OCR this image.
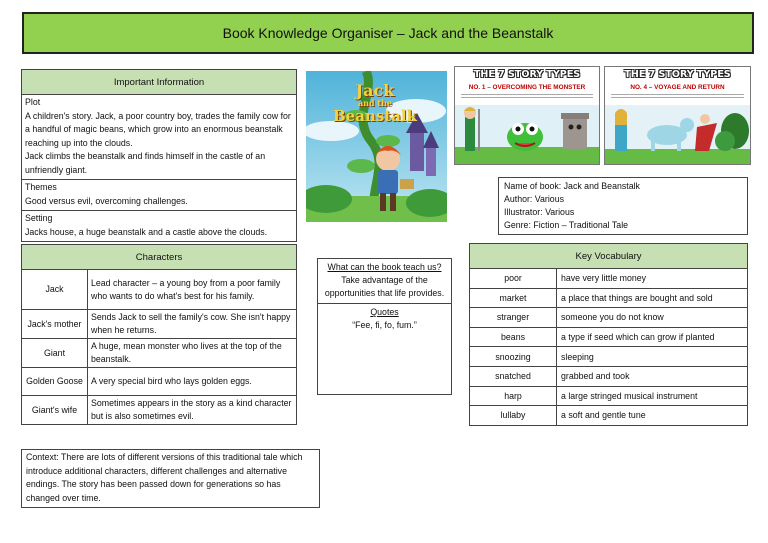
Book Knowledge Organiser – Jack and the Beanstalk
Important Information
Plot
A children's story. Jack, a poor country boy, trades the family cow for a handful of magic beans, which grow into an enormous beanstalk reaching up into the clouds.
Jack climbs the beanstalk and finds himself in the castle of an unfriendly giant.
Themes
Good versus evil, overcoming challenges.
Setting
Jacks house, a huge beanstalk and a castle above the clouds.
Characters	
Jack	Lead character – a young boy from a poor family who wants to do what's best for his family.
Jack's mother	Sends Jack to sell the family's cow. She isn't happy when he returns.
Giant	A huge, mean monster who lives at the top of the beanstalk.
Golden Goose	A very special bird who lays golden eggs.
Giant's wife	Sometimes appears in the story as a kind character but is also sometimes evil.
Context: There are lots of different versions of this traditional tale which introduce additional characters, different challenges and alternative endings. The story has been passed down for generations so has changed over time.
Jack
and the
Beanstalk
THE 7 STORY TYPES
NO. 1 – OVERCOMING THE MONSTER
THE 7 STORY TYPES
NO. 4 – VOYAGE AND RETURN
Name of book: Jack and Beanstalk
Author: Various
Illustrator: Various
Genre: Fiction – Traditional Tale
What can the book teach us?
Take advantage of the opportunities that life provides.
Quotes
“Fee, fi, fo, fum.”
Key Vocabulary	
poor	have very little money
market	a place that things are bought and sold
stranger	someone you do not know
beans	a type if seed which can grow if planted
snoozing	sleeping
snatched	grabbed and took
harp	a large stringed musical instrument
lullaby	a soft and gentle tune
